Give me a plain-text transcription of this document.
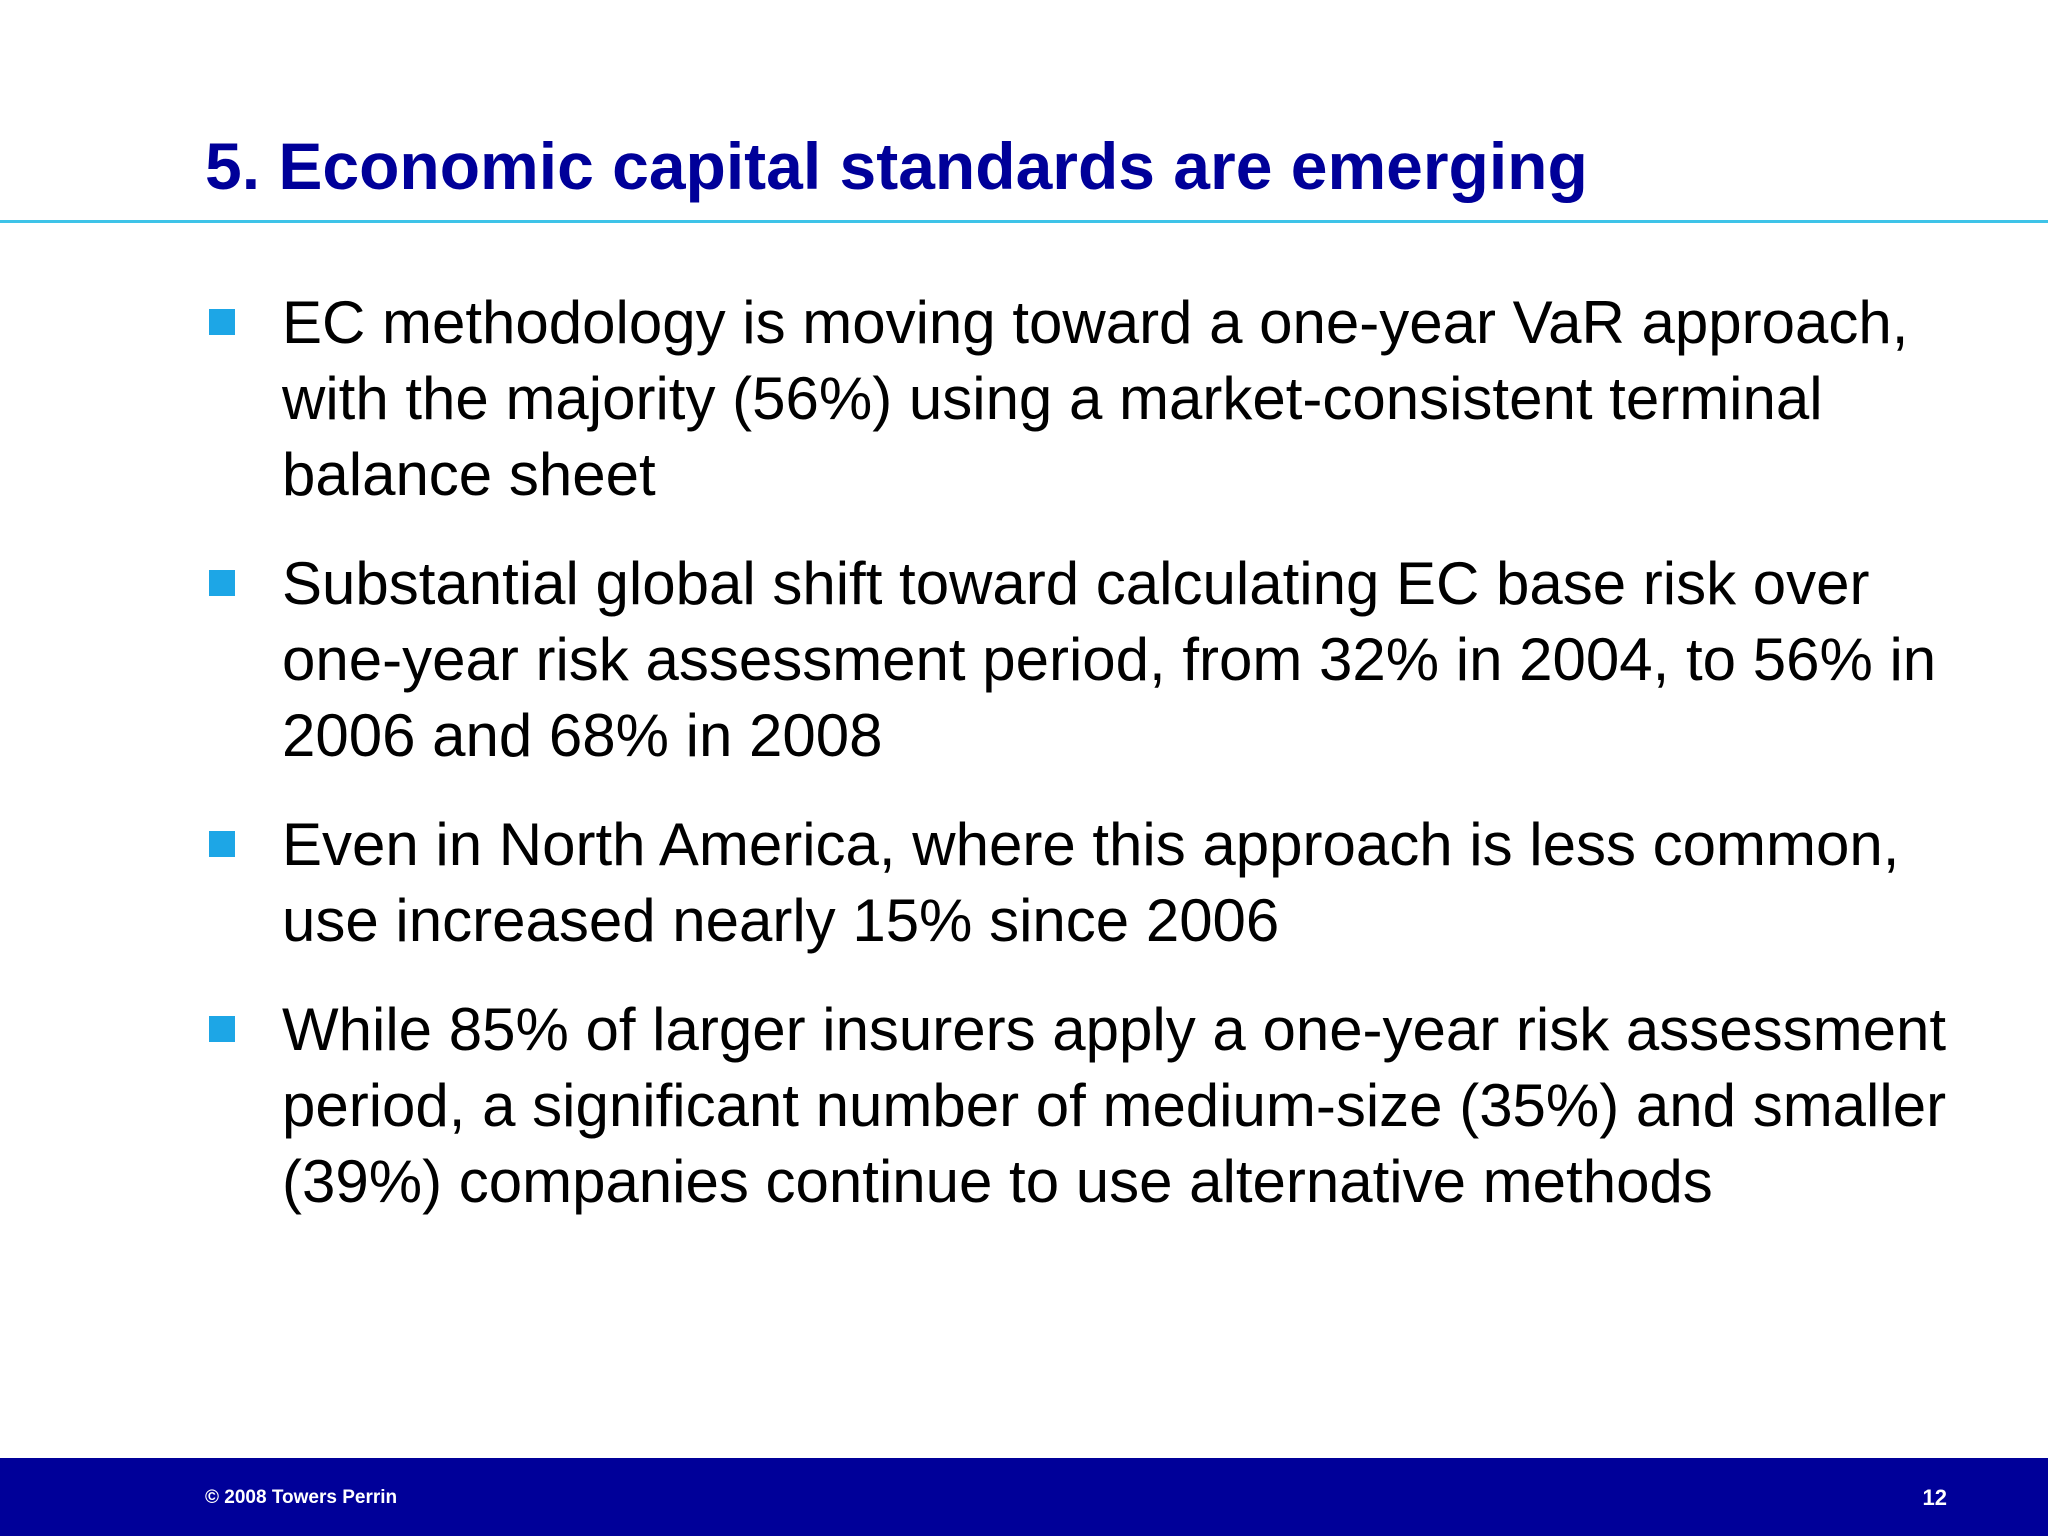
5. Economic capital standards are emerging
EC methodology is moving toward a one-year VaR approach, with the majority (56%) using a market-consistent terminal balance sheet
Substantial global shift toward calculating EC base risk over one-year risk assessment period, from 32% in 2004, to 56% in 2006 and 68% in 2008
Even in North America, where this approach is less common, use increased nearly 15% since 2006
While 85% of larger insurers apply a one-year risk assessment period, a significant number of medium-size (35%) and smaller (39%) companies continue to use alternative methods
© 2008 Towers Perrin	12
